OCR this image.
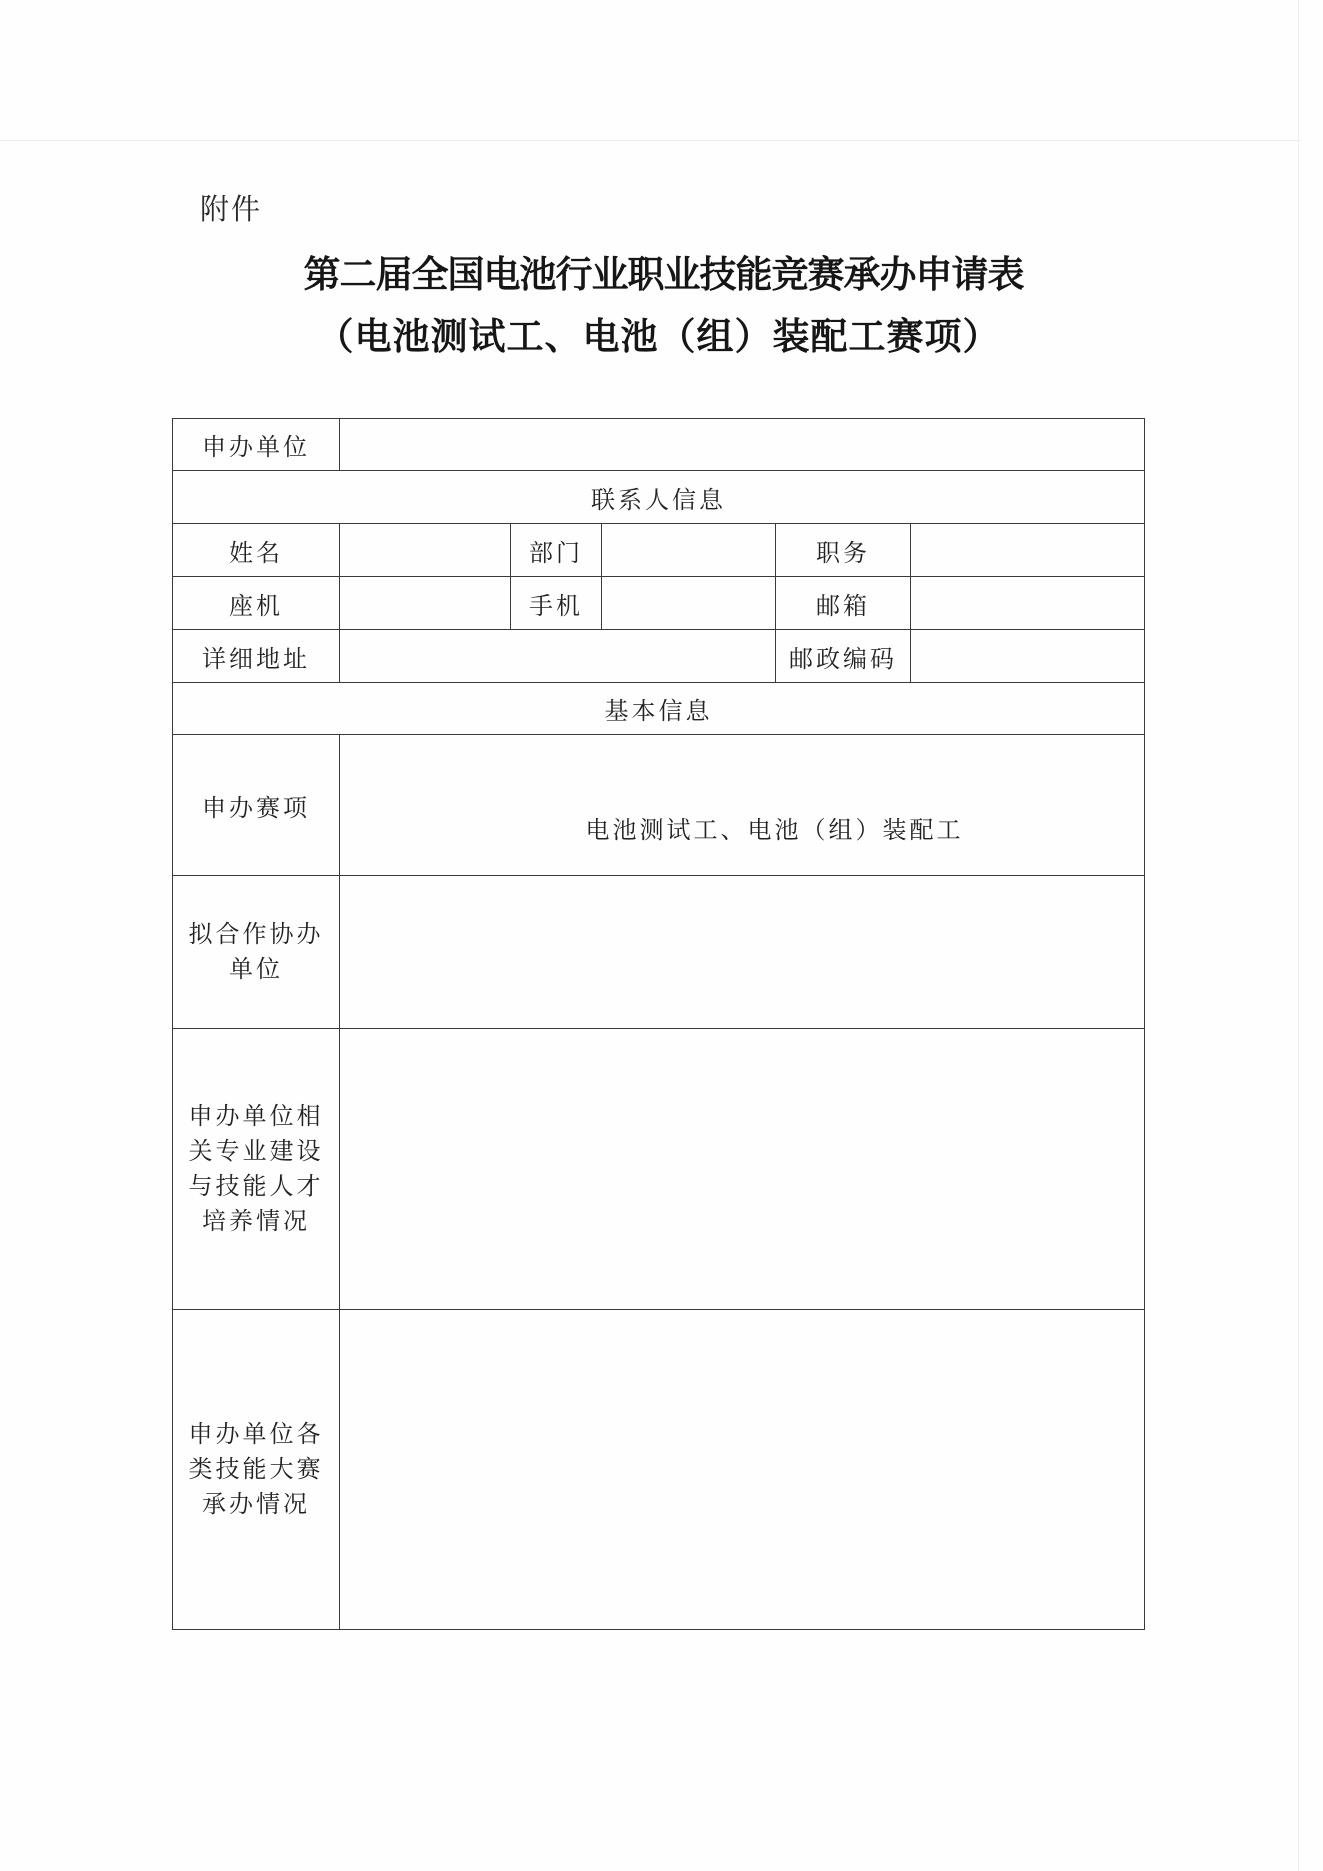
附件
第二届全国电池行业职业技能竞赛承办申请表
（电池测试工、电池（组）装配工赛项）
申办单位					
联系人信息					
姓名		部门		职务	
座机		手机		邮箱	
详细地址				邮政编码	
基本信息					
申办赛项	电池测试工、电池（组）装配工				

拟合作协办
单位					

申办单位相
关专业建设
与技能人才
培养情况					

申办单位各
类技能大赛
承办情况					
